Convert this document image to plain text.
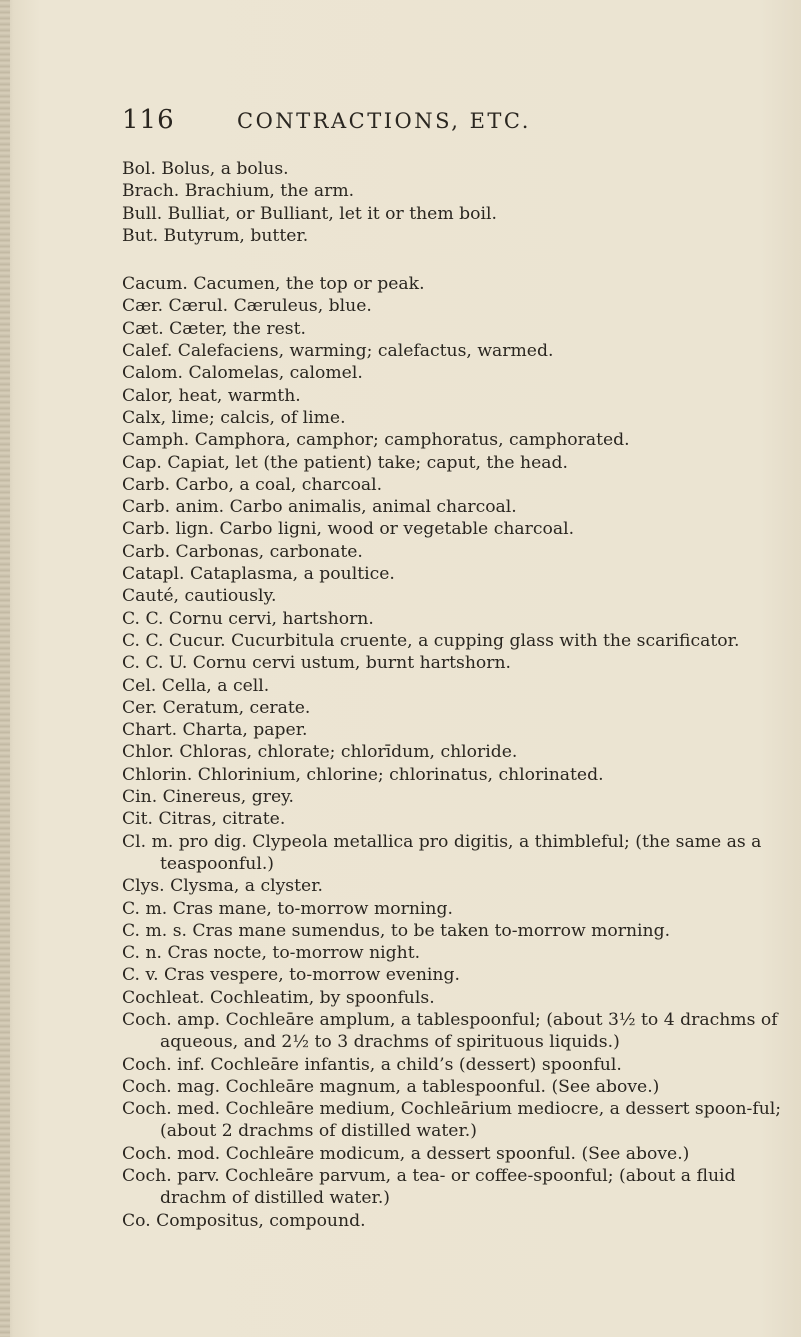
116	CONTRACTIONS, ETC.
Bol. Bolus, a bolus.
Brach. Brachium, the arm.
Bull. Bulliat, or Bulliant, let it or them boil.
But. Butyrum, butter.
Cacum. Cacumen, the top or peak.
Cær. Cærul. Cæruleus, blue.
Cæt. Cæter, the rest.
Calef. Calefaciens, warming; calefactus, warmed.
Calom. Calomelas, calomel.
Calor, heat, warmth.
Calx, lime; calcis, of lime.
Camph. Camphora, camphor; camphoratus, camphorated.
Cap. Capiat, let (the patient) take; caput, the head.
Carb. Carbo, a coal, charcoal.
Carb. anim. Carbo animalis, animal charcoal.
Carb. lign. Carbo ligni, wood or vegetable charcoal.
Carb. Carbonas, carbonate.
Catapl. Cataplasma, a poultice.
Cauté, cautiously.
C. C. Cornu cervi, hartshorn.
C. C. Cucur. Cucurbitula cruente, a cupping glass with the scarificator.
C. C. U. Cornu cervi ustum, burnt hartshorn.
Cel. Cella, a cell.
Cer. Ceratum, cerate.
Chart. Charta, paper.
Chlor. Chloras, chlorate; chlorīdum, chloride.
Chlorin. Chlorinium, chlorine; chlorinatus, chlorinated.
Cin. Cinereus, grey.
Cit. Citras, citrate.
Cl. m. pro dig. Clypeola metallica pro digitis, a thimbleful; (the same as a teaspoonful.)
Clys. Clysma, a clyster.
C. m. Cras mane, to-morrow morning.
C. m. s. Cras mane sumendus, to be taken to-morrow morning.
C. n. Cras nocte, to-morrow night.
C. v. Cras vespere, to-morrow evening.
Cochleat. Cochleatim, by spoonfuls.
Coch. amp. Cochleāre amplum, a tablespoonful; (about 3½ to 4 drachms of aqueous, and 2½ to 3 drachms of spirituous liquids.)
Coch. inf. Cochleāre infantis, a child’s (dessert) spoonful.
Coch. mag. Cochleāre magnum, a tablespoonful. (See above.)
Coch. med. Cochleāre medium, Cochleārium mediocre, a dessert spoon-ful; (about 2 drachms of distilled water.)
Coch. mod. Cochleāre modicum, a dessert spoonful. (See above.)
Coch. parv. Cochleāre parvum, a tea- or coffee-spoonful; (about a fluid drachm of distilled water.)
Co. Compositus, compound.
